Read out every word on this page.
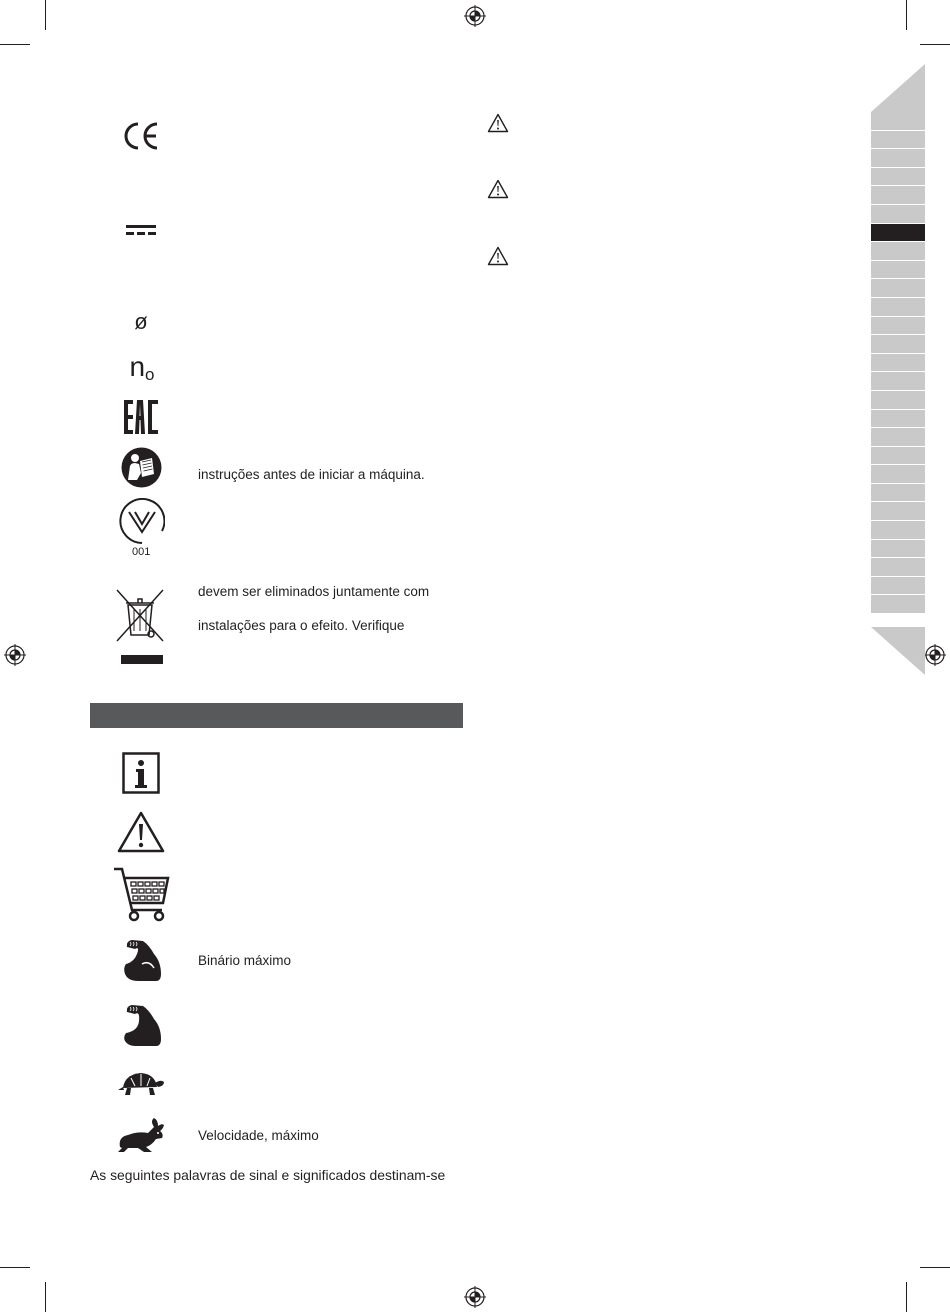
ø
n o
instruções antes de iniciar a máquina.
001
devem ser eliminados juntamente com
instalações para o efeito. Verifique
Binário máximo
Velocidade, máximo
As seguintes palavras de sinal e significados destinam-se
